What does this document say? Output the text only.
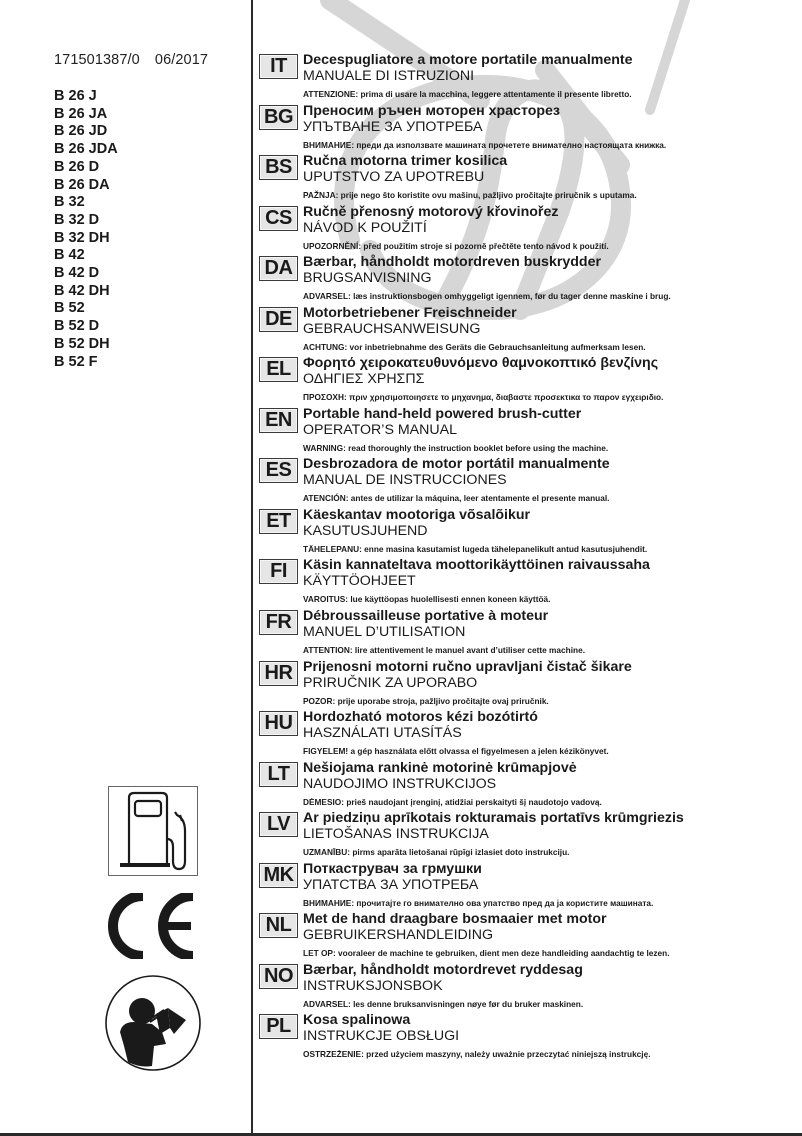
171501387/0 06/2017
B 26 J
B 26 JA
B 26 JD
B 26 JDA
B 26 D
B 26 DA
B 32
B 32 D
B 32 DH
B 42
B 42 D
B 42 DH
B 52
B 52 D
B 52 DH
B 52 F
IT	Decespugliatore a motore portatile manualmente
MANUALE DI ISTRUZIONI
ATTENZIONE: prima di usare la macchina, leggere attentamente il presente libretto.
BG Преносим ръчен моторен храсторез
УПЪТВАНЕ ЗА УПОТРЕБА
ВНИМАНИЕ: преди да използвате машината прочетете внимателно настоящата книжка.
BS Ručna motorna trimer kosilica
UPUTSTVO ZA UPOTREBU
PAŽNJA: prije nego što koristite ovu mašinu, pažljivo pročitajte priručnik s uputama.
CS Ručně přenosný motorový křovinořez
NÁVOD K POUŽITÍ
UPOZORNĚNÍ: před použitím stroje si pozorně přečtěte tento návod k použití.
DA Bærbar, håndholdt motordreven buskrydder
BRUGSANVISNING
ADVARSEL: læs instruktionsbogen omhyggeligt igennem, før du tager denne maskine i brug.
DE Motorbetriebener Freischneider
GEBRAUCHSANWEISUNG
ACHTUNG: vor inbetriebnahme des Geräts die Gebrauchsanleitung aufmerksam lesen.
EL Φορητό χειροκατευθυνόμενο θαμνοκοπτικό βενζίνης
ΟΔΗΓΙΕΣ ΧΡΗΣΠΣ
ΠΡΟΣΟΧΗ: πριν χρησιμοποιησετε το μηχανημα, διαβαστε προσεκτικα το παρον εγχειριδιο.
EN Portable hand-held powered brush-cutter
OPERATOR’S MANUAL
WARNING: read thoroughly the instruction booklet before using the machine.
ES Desbrozadora de motor portátil manualmente
MANUAL DE INSTRUCCIONES
ATENCIÓN: antes de utilizar la máquina, leer atentamente el presente manual.
ET Käeskantav mootoriga võsalõikur
KASUTUSJUHEND
TÄHELEPANU: enne masina kasutamist lugeda tähelepanelikult antud kasutusjuhendit.
FI	Käsin kannateltava moottorikäyttöinen raivaussaha
KÄYTTÖOHJEET
VAROITUS: lue käyttöopas huolellisesti ennen koneen käyttöä.
FR Débroussailleuse portative à moteur
MANUEL D’UTILISATION
ATTENTION: lire attentivement le manuel avant d’utiliser cette machine.
HR Prijenosni motorni ručno upravljani čistač šikare
PRIRUČNIK ZA UPORABO
POZOR: prije uporabe stroja, pažljivo pročitajte ovaj priručnik.
HU Hordozható motoros kézi bozótirtó
HASZNÁLATI UTASÍTÁS
FIGYELEM! a gép használata előtt olvassa el figyelmesen a jelen kézikönyvet.
LT Nešiojama rankinė motorinė krūmapjovė
NAUDOJIMO INSTRUKCIJOS
DĖMESIO: prieš naudojant įrenginį, atidžiai perskaityti šį naudotojo vadovą.
LV Ar piedziņu aprīkotais rokturamais portatīvs krūmgriezis
LIETOŠANAS INSTRUKCIJA
UZMANĪBU: pirms aparāta lietošanai rūpīgi izlasiet doto instrukciju.
MK Поткаструвач за грмушки
УПАТСТВА ЗА УПОТРЕБА
ВНИМАНИЕ: прочитајте го внимателно ова упатство пред да ја користите машината.
NL Met de hand draagbare bosmaaier met motor
GEBRUIKERSHANDLEIDING
LET OP: vooraleer de machine te gebruiken, dient men deze handleiding aandachtig te lezen.
NO Bærbar, håndholdt motordrevet ryddesag
INSTRUKSJONSBOK
ADVARSEL: les denne bruksanvisningen nøye før du bruker maskinen.
PL Kosa spalinowa
INSTRUKCJE OBSŁUGI
OSTRZEŻENIE: przed użyciem maszyny, należy uważnie przeczytać niniejszą instrukcję.
